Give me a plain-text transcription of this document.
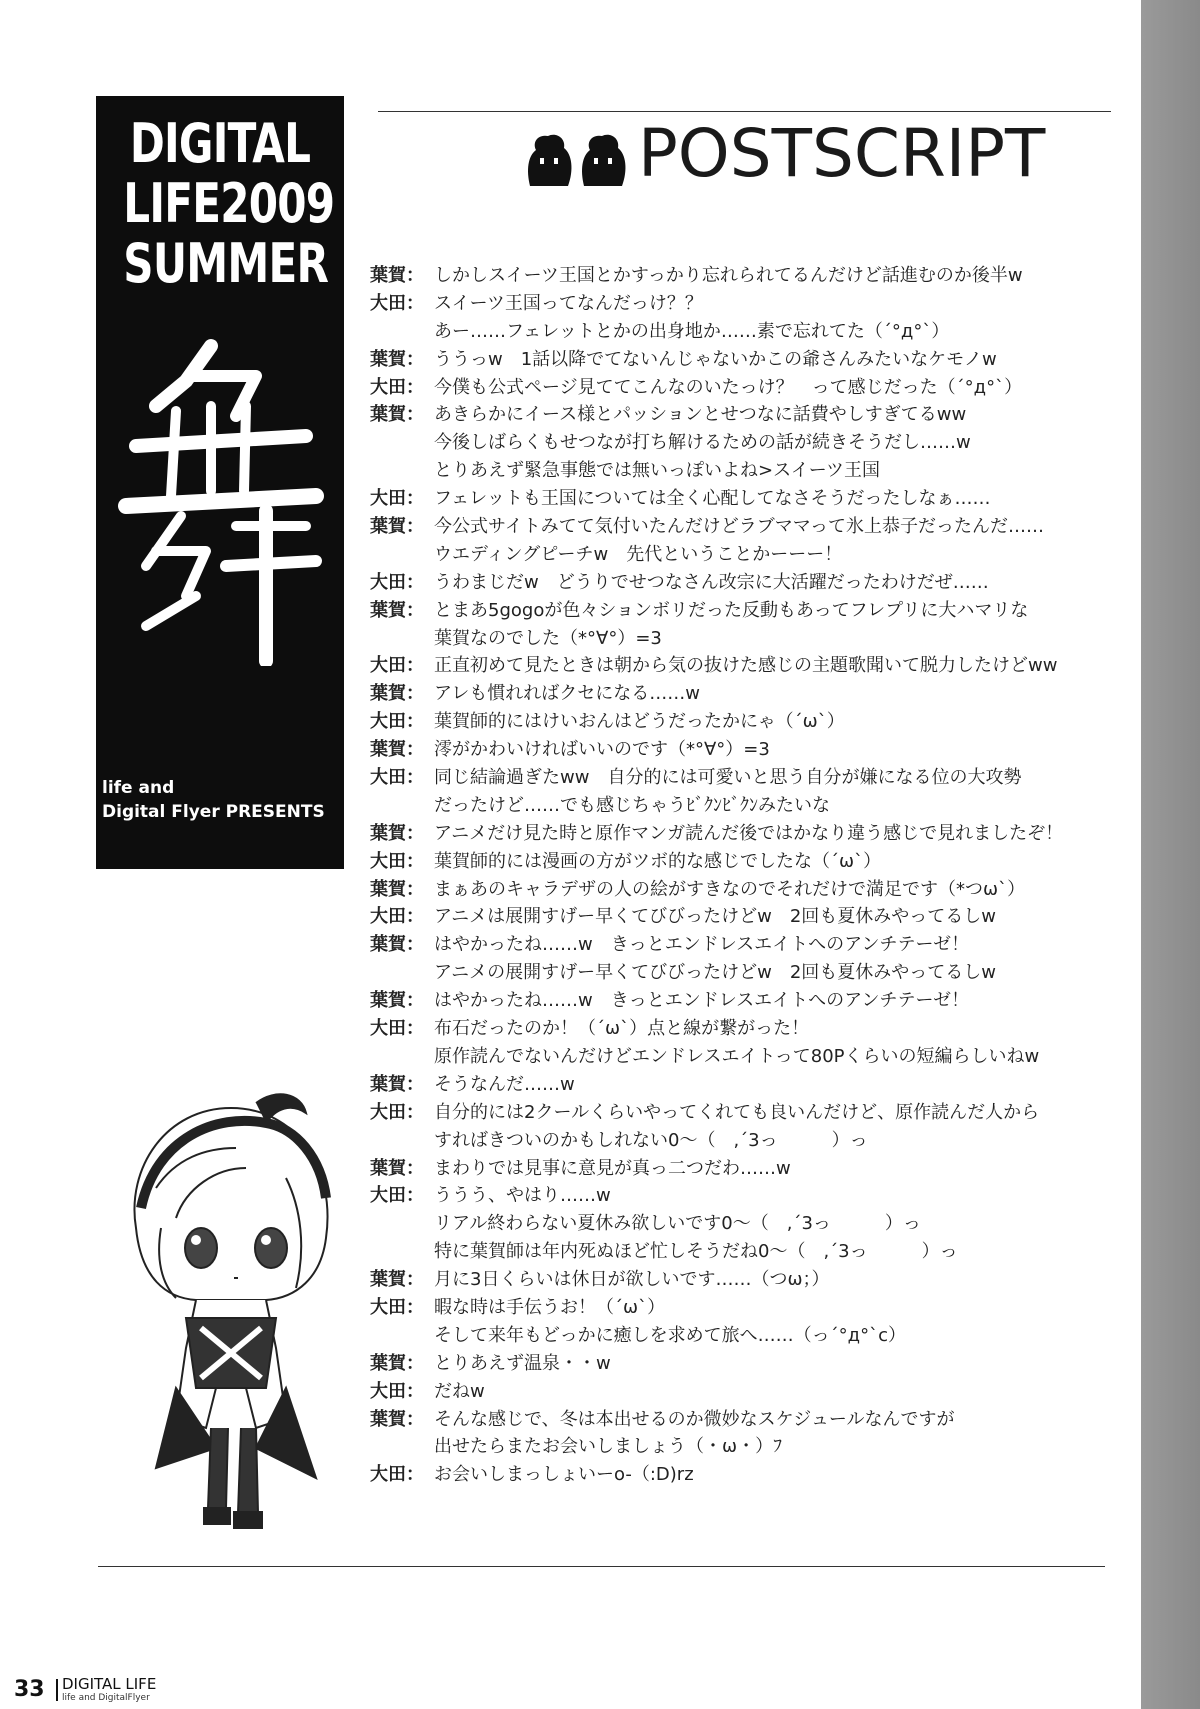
DIGITAL
LIFE2009
SUMMER
life and
Digital Flyer PRESENTS
POSTSCRIPT
葉賀： しかしスイーツ王国とかすっかり忘れられてるんだけど話進むのか後半w
大田： スイーツ王国ってなんだっけ？？
あー……フェレットとかの出身地か……素で忘れてた（´°д°`）
葉賀： ううっw　1話以降でてないんじゃないかこの爺さんみたいなケモノw
大田： 今僕も公式ページ見ててこんなのいたっけ？　って感じだった（´°д°`）
葉賀： あきらかにイース様とパッションとせつなに話費やしすぎてるww
今後しばらくもせつなが打ち解けるための話が続きそうだし……w
とりあえず緊急事態では無いっぽいよね>スイーツ王国
大田： フェレットも王国については全く心配してなさそうだったしなぁ……
葉賀： 今公式サイトみてて気付いたんだけどラブママって氷上恭子だったんだ……
ウエディングピーチw　先代ということかーーー！
大田： うわまじだw　どうりでせつなさん改宗に大活躍だったわけだぜ……
葉賀： とまあ5gogoが色々ションボリだった反動もあってフレプリに大ハマリな
葉賀なのでした（*°∀°）=3
大田： 正直初めて見たときは朝から気の抜けた感じの主題歌聞いて脱力したけどww
葉賀： アレも慣れればクセになる……w
大田： 葉賀師的にはけいおんはどうだったかにゃ（´ω`）
葉賀： 澪がかわいければいいのです（*°∀°）=3
大田： 同じ結論過ぎたww　自分的には可愛いと思う自分が嫌になる位の大攻勢
だったけど……でも感じちゃうﾋﾞｸﾝﾋﾞｸﾝみたいな
葉賀： アニメだけ見た時と原作マンガ読んだ後ではかなり違う感じで見れましたぞ！
大田： 葉賀師的には漫画の方がツボ的な感じでしたな（´ω`）
葉賀： まぁあのキャラデザの人の絵がすきなのでそれだけで満足です（*つω`）
大田： アニメは展開すげー早くてびびったけどw　2回も夏休みやってるしw
葉賀： はやかったね……w　きっとエンドレスエイトへのアンチテーゼ！
アニメの展開すげー早くてびびったけどw　2回も夏休みやってるしw
葉賀： はやかったね……w　きっとエンドレスエイトへのアンチテーゼ！
大田： 布石だったのか！（´ω`）点と線が繋がった！
原作読んでないんだけどエンドレスエイトって80Pくらいの短編らしいねw
葉賀： そうなんだ……w
大田： 自分的には2クールくらいやってくれても良いんだけど、原作読んだ人から
すればきついのかもしれない0～（　,´3っ　　　）っ
葉賀： まわりでは見事に意見が真っ二つだわ……w
大田： ううう、やはり……w
リアル終わらない夏休み欲しいです0～（　,´3っ　　　）っ
特に葉賀師は年内死ぬほど忙しそうだね0～（　,´3っ　　　）っ
葉賀： 月に3日くらいは休日が欲しいです……（つω；）
大田： 暇な時は手伝うお！（´ω`）
そして来年もどっかに癒しを求めて旅へ……（っ´°д°`c）
葉賀： とりあえず温泉・・w
大田： だねw
葉賀： そんな感じで、冬は本出せるのか微妙なスケジュールなんですが
出せたらまたお会いしましょう（・ω・）ﾌ
大田： お会いしまっしょいーo-（:D)rz
33 DIGITAL LIFE
life and DigitalFlyer
